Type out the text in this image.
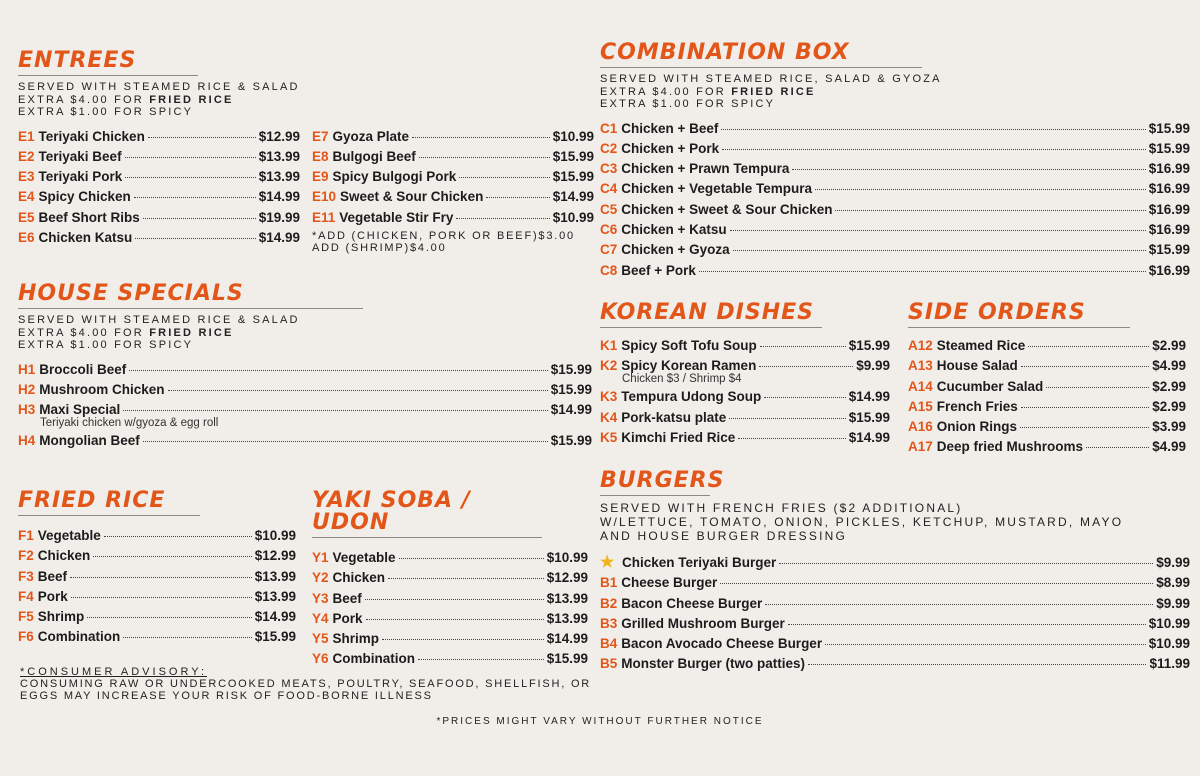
ENTREES
SERVED WITH STEAMED RICE & SALAD
EXTRA $4.00 FOR FRIED RICE
EXTRA $1.00 FOR SPICY
E1 Teriyaki Chicken	$12.99
E2 Teriyaki Beef	$13.99
E3 Teriyaki Pork	$13.99
E4 Spicy Chicken	$14.99
E5 Beef Short Ribs	$19.99
E6 Chicken Katsu	$14.99
E7 Gyoza Plate	$10.99
E8 Bulgogi Beef	$15.99
E9 Spicy Bulgogi Pork	$15.99
E10 Sweet & Sour Chicken	$14.99
E11 Vegetable Stir Fry	$10.99
*ADD (CHICKEN, PORK OR BEEF)$3.00
ADD (SHRIMP)$4.00
HOUSE SPECIALS
SERVED WITH STEAMED RICE & SALAD
EXTRA $4.00 FOR FRIED RICE
EXTRA $1.00 FOR SPICY
H1 Broccoli Beef	$15.99
H2 Mushroom Chicken	$15.99
H3 Maxi Special	$14.99
Teriyaki chicken w/gyoza & egg roll
H4 Mongolian Beef	$15.99
FRIED RICE
F1 Vegetable	$10.99
F2 Chicken	$12.99
F3 Beef	$13.99
F4 Pork	$13.99
F5 Shrimp	$14.99
F6 Combination	$15.99
YAKI SOBA / UDON
Y1 Vegetable	$10.99
Y2 Chicken	$12.99
Y3 Beef	$13.99
Y4 Pork	$13.99
Y5 Shrimp	$14.99
Y6 Combination	$15.99
COMBINATION BOX
SERVED WITH STEAMED RICE, SALAD & GYOZA
EXTRA $4.00 FOR FRIED RICE
EXTRA $1.00 FOR SPICY
C1 Chicken + Beef	$15.99
C2 Chicken + Pork	$15.99
C3 Chicken + Prawn Tempura	$16.99
C4 Chicken + Vegetable Tempura	$16.99
C5 Chicken + Sweet & Sour Chicken	$16.99
C6 Chicken + Katsu	$16.99
C7 Chicken + Gyoza	$15.99
C8 Beef + Pork	$16.99
KOREAN DISHES
K1 Spicy Soft Tofu Soup	$15.99
K2 Spicy Korean Ramen	$9.99
Chicken $3 / Shrimp $4
K3 Tempura Udong Soup	$14.99
K4 Pork-katsu plate	$15.99
K5 Kimchi Fried Rice	$14.99
SIDE ORDERS
A12 Steamed Rice	$2.99
A13 House Salad	$4.99
A14 Cucumber Salad	$2.99
A15 French Fries	$2.99
A16 Onion Rings	$3.99
A17 Deep fried Mushrooms	$4.99
BURGERS
SERVED WITH FRENCH FRIES ($2 ADDITIONAL)
W/LETTUCE, TOMATO, ONION, PICKLES, KETCHUP, MUSTARD, MAYO
AND HOUSE BURGER DRESSING
★ Chicken Teriyaki Burger	$9.99
B1 Cheese Burger	$8.99
B2 Bacon Cheese Burger	$9.99
B3 Grilled Mushroom Burger	$10.99
B4 Bacon Avocado Cheese Burger	$10.99
B5 Monster Burger (two patties)	$11.99
*CONSUMER ADVISORY:
CONSUMING RAW OR UNDERCOOKED MEATS, POULTRY, SEAFOOD, SHELLFISH, OR
EGGS MAY INCREASE YOUR RISK OF FOOD-BORNE ILLNESS
*PRICES MIGHT VARY WITHOUT FURTHER NOTICE
